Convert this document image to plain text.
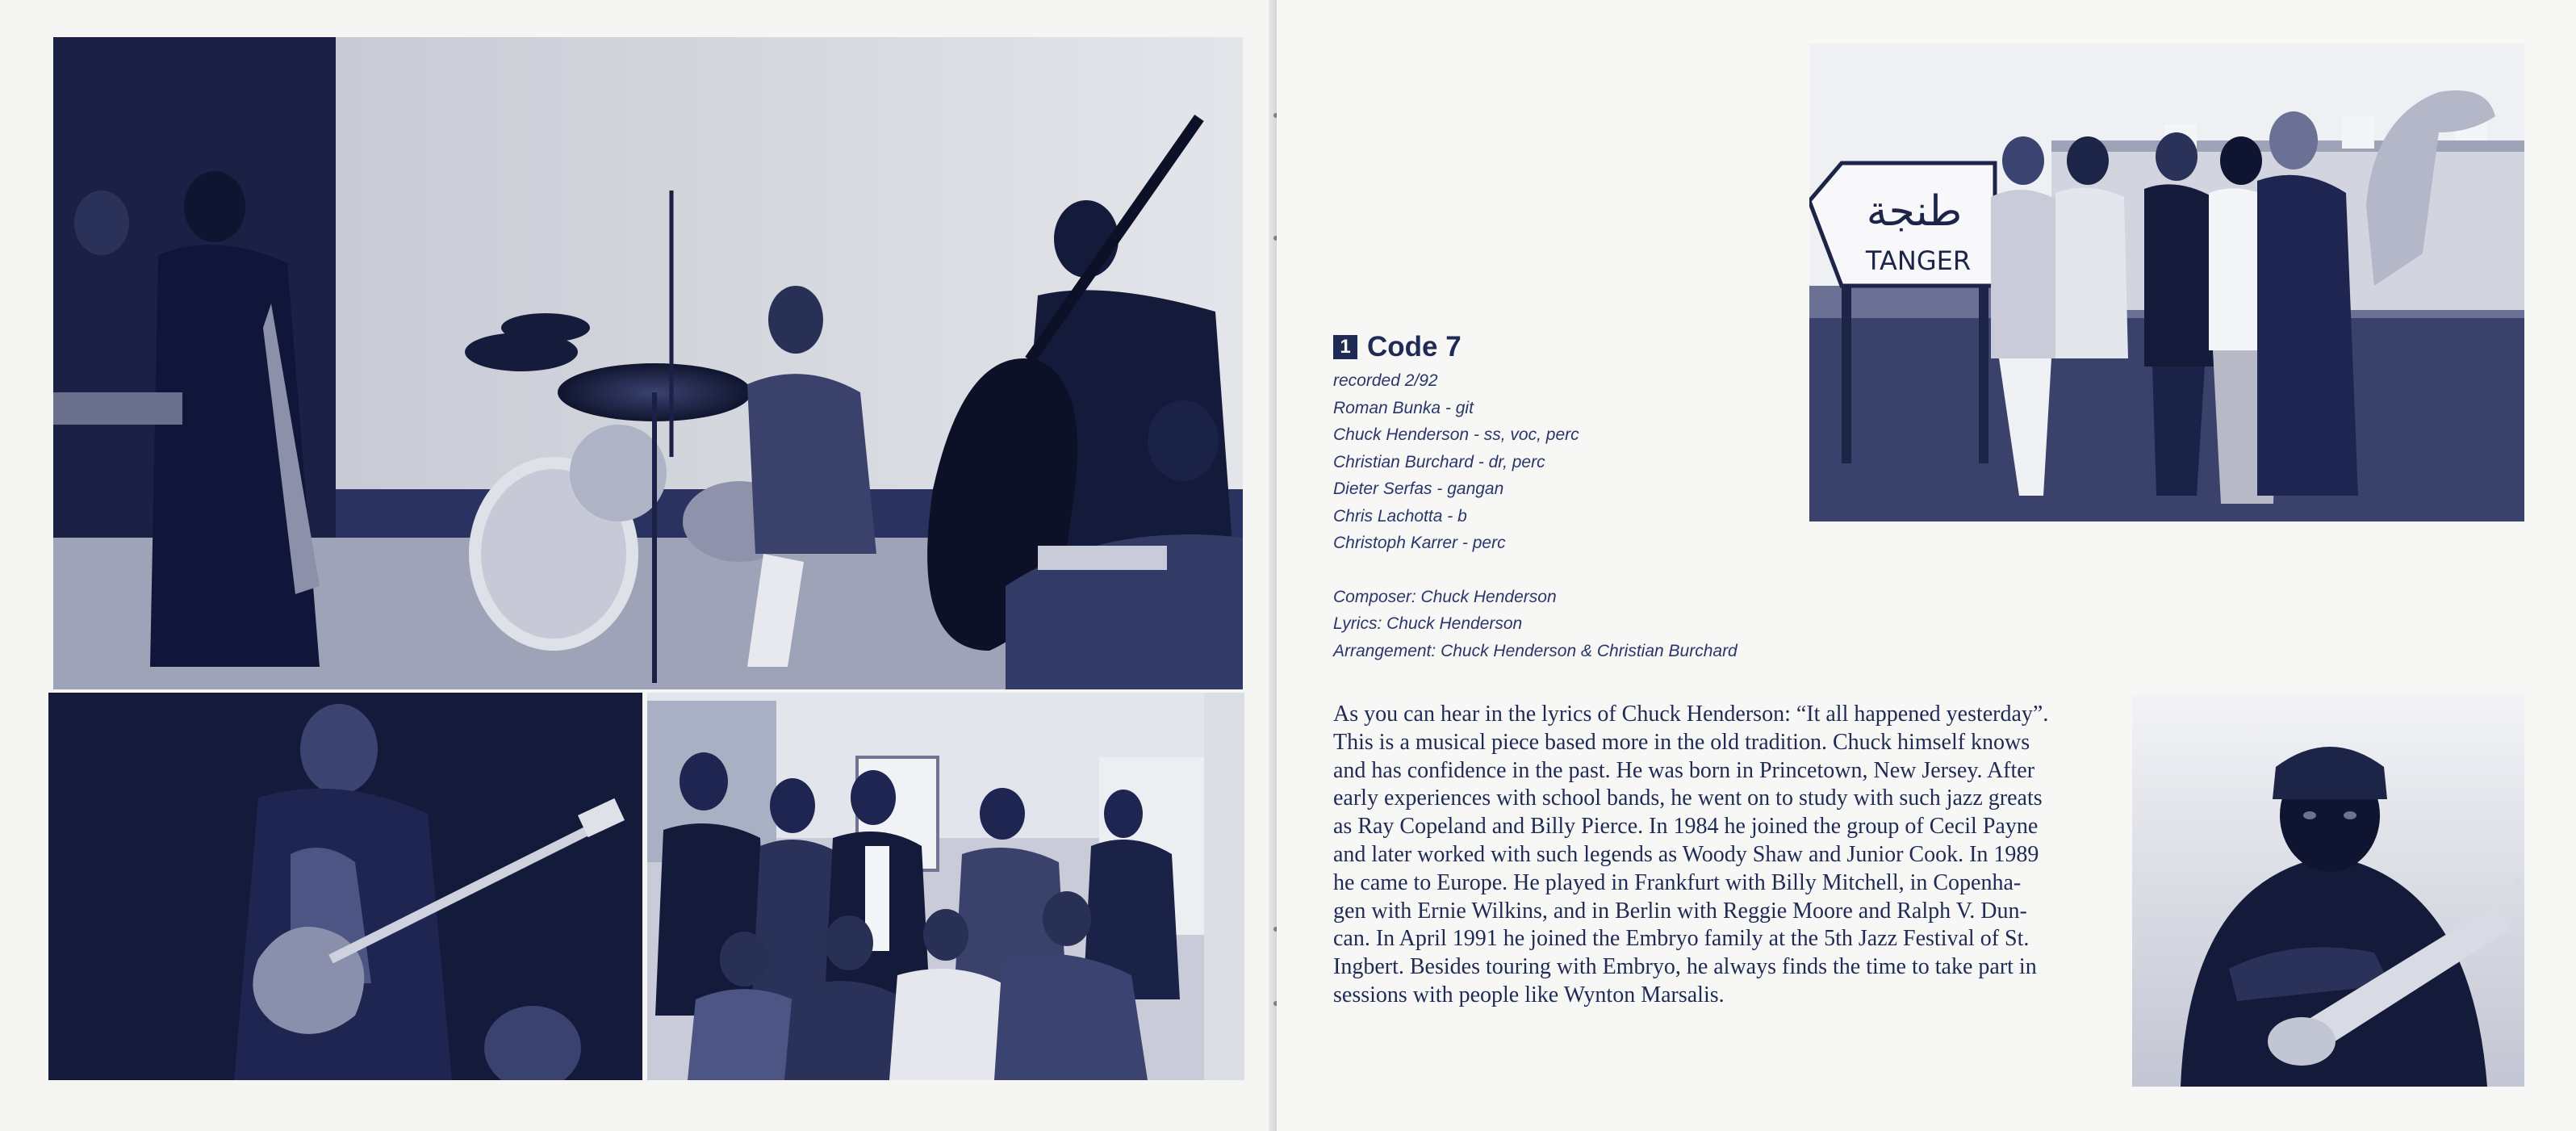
طنجة
TANGER
1 Code 7
recorded 2/92
Roman Bunka - git
Chuck Henderson - ss, voc, perc
Christian Burchard - dr, perc
Dieter Serfas - gangan
Chris Lachotta - b
Christoph Karrer - perc
Composer: Chuck Henderson
Lyrics: Chuck Henderson
Arrangement: Chuck Henderson & Christian Burchard

As you can hear in the lyrics of Chuck Henderson: “It all happened yesterday”.

This is a musical piece based more in the old tradition. Chuck himself knows

and has confidence in the past. He was born in Princetown, New Jersey. After

early experiences with school bands, he went on to study with such jazz greats

as Ray Copeland and Billy Pierce. In 1984 he joined the group of Cecil Payne

and later worked with such legends as Woody Shaw and Junior Cook. In 1989

he came to Europe. He played in Frankfurt with Billy Mitchell, in Copenha-

gen with Ernie Wilkins, and in Berlin with Reggie Moore and Ralph V. Dun-

can. In April 1991 he joined the Embryo family at the 5th Jazz Festival of St.

Ingbert. Besides touring with Embryo, he always finds the time to take part in

sessions with people like Wynton Marsalis.
